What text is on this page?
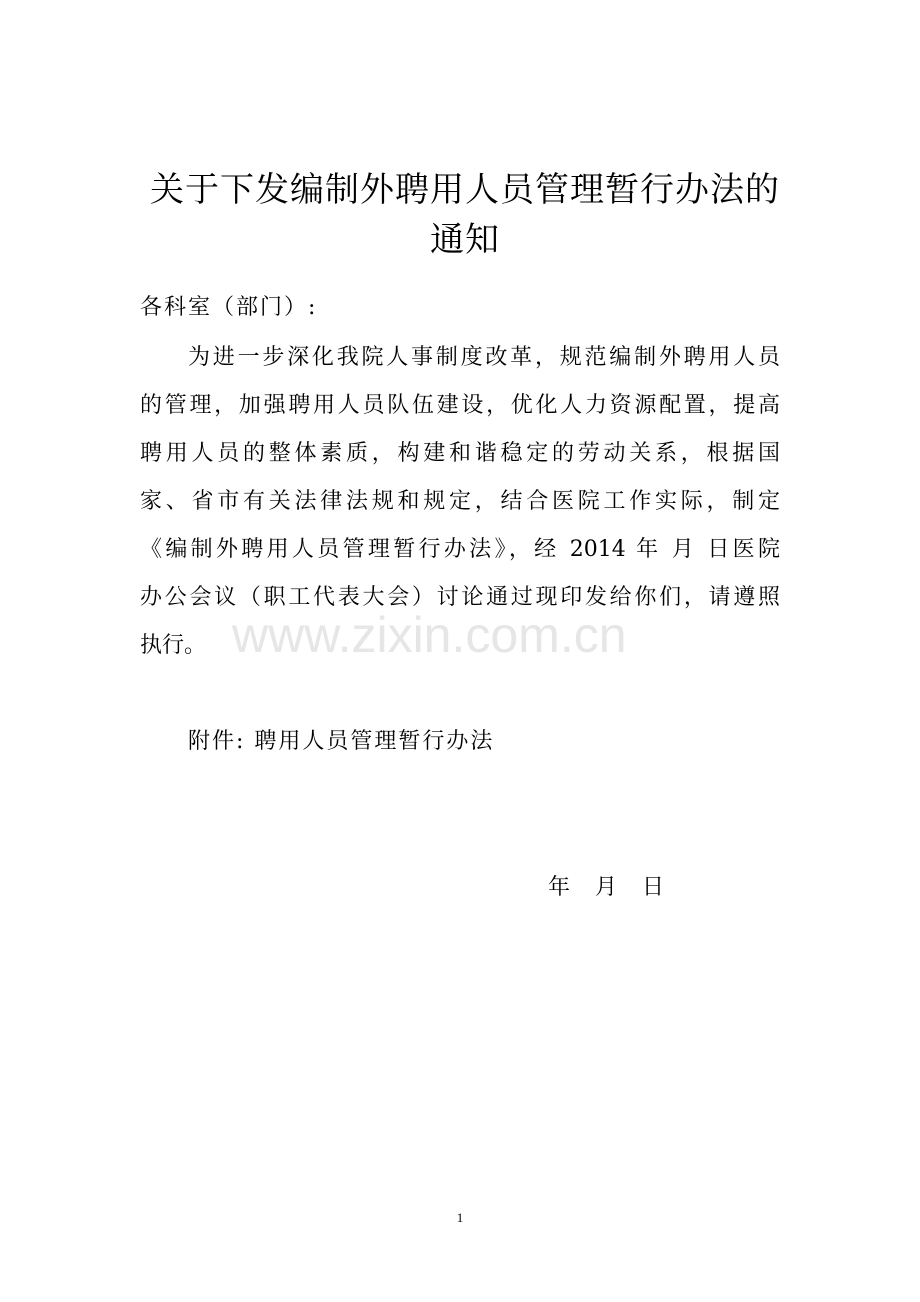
www.zixin.com.cn
关于下发编制外聘用人员管理暂行办法的
通知
各科室（部门）:
为进一步深化我院人事制度改革，规范编制外聘用人员
的管理，加强聘用人员队伍建设，优化人力资源配置，提高
聘用人员的整体素质，构建和谐稳定的劳动关系，根据国
家、省市有关法律法规和规定，结合医院工作实际，制定
《编制外聘用人员管理暂行办法》，经 2014 年 月 日医院
办公会议（职工代表大会）讨论通过现印发给你们，请遵照
执行。
附件: 聘用人员管理暂行办法
年   月   日
1
